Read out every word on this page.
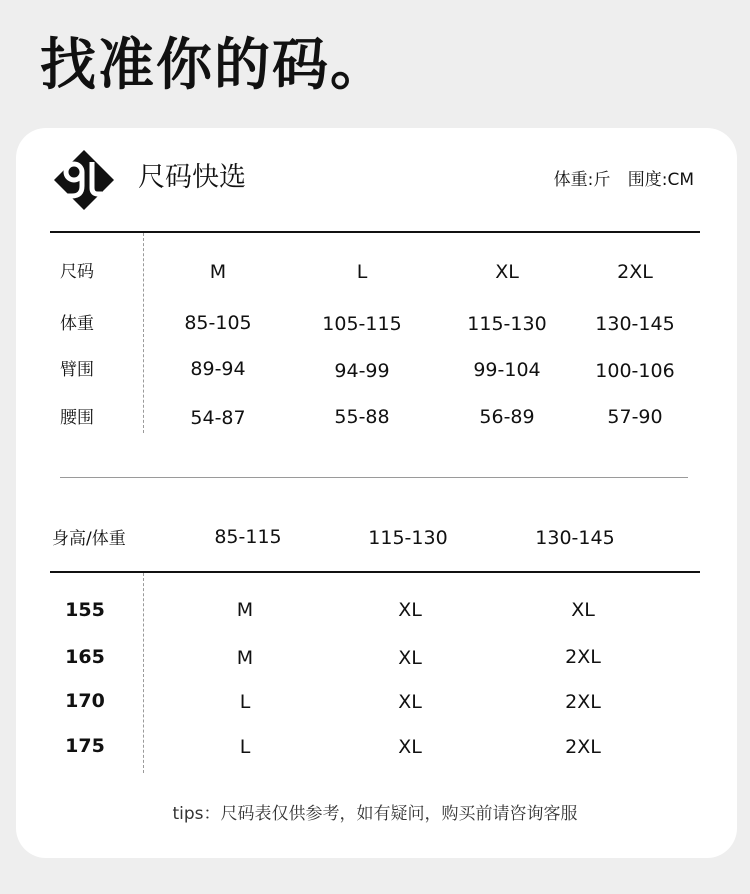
找准你的码。
尺码快选	体重:斤 围度:CM
尺码	M	L	XL	2XL
体重	85-105	105-115	115-130	130-145
臂围	89-94	94-99	99-104	100-106
腰围	54-87	55-88	56-89	57-90
身高/体重	85-115	115-130	130-145
155	M	XL	XL
165	M	XL	2XL
170	L	XL	2XL
175	L	XL	2XL
tips：尺码表仅供参考，如有疑问，购买前请咨询客服
